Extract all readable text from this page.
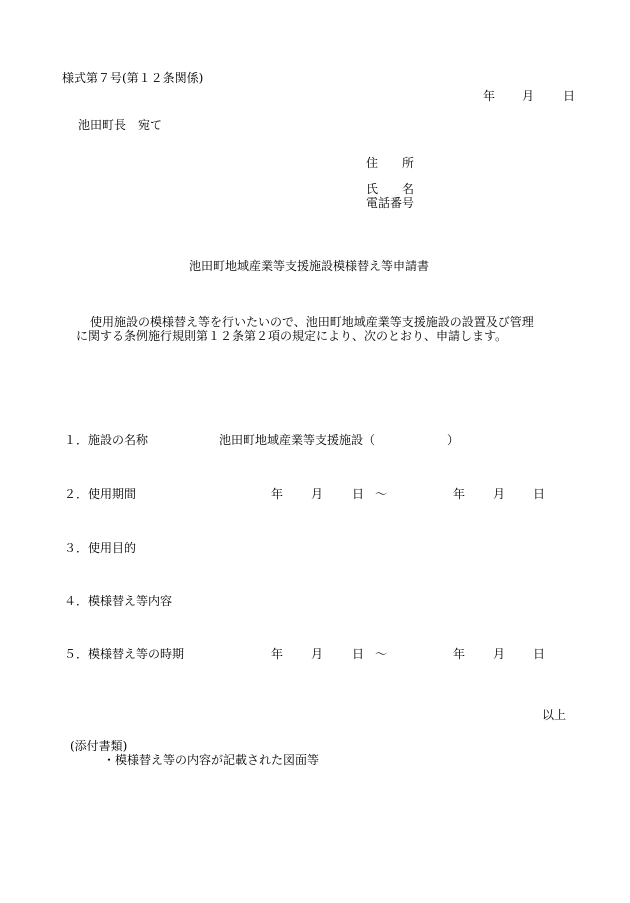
様式第７号(第１２条関係)
年 月 日
池田町長　宛て
住　　所
氏　　名
電話番号
池田町地域産業等支援施設模様替え等申請書
使用施設の模様替え等を行いたいので、池田町地域産業等支援施設の設置及び管理
に関する条例施行規則第１２条第２項の規定により、次のとおり、申請します。
１．施設の名称	池田町地域産業等支援施設（　　　　　　）
２．使用期間	年 月 日 ～	年 月 日
３．使用目的
４．模様替え等内容
５．模様替え等の時期	年 月 日 ～	年 月 日
以上
(添付書類)
・模様替え等の内容が記載された図面等
